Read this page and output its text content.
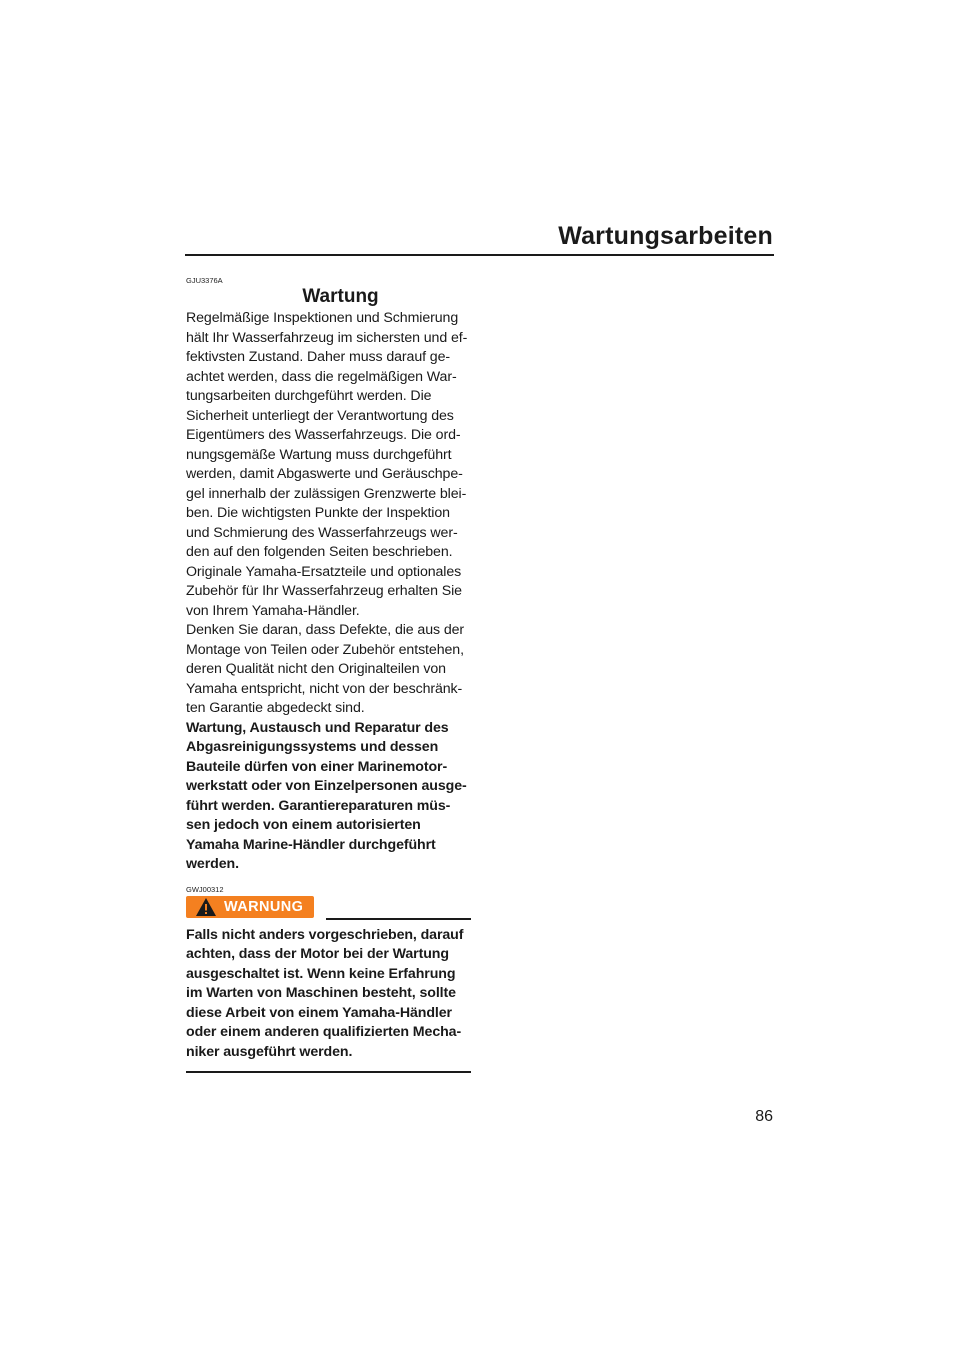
Wartungsarbeiten
GJU3376A
Wartung

Regelmäßige Inspektionen und Schmierung
hält Ihr Wasserfahrzeug im sichersten und ef-
fektivsten Zustand. Daher muss darauf ge-
achtet werden, dass die regelmäßigen War-
tungsarbeiten durchgeführt werden. Die
Sicherheit unterliegt der Verantwortung des
Eigentümers des Wasserfahrzeugs. Die ord-
nungsgemäße Wartung muss durchgeführt
werden, damit Abgaswerte und Geräuschpe-
gel innerhalb der zulässigen Grenzwerte blei-
ben. Die wichtigsten Punkte der Inspektion
und Schmierung des Wasserfahrzeugs wer-
den auf den folgenden Seiten beschrieben.

Originale Yamaha-Ersatzteile und optionales
Zubehör für Ihr Wasserfahrzeug erhalten Sie
von Ihrem Yamaha-Händler.

Denken Sie daran, dass Defekte, die aus der
Montage von Teilen oder Zubehör entstehen,
deren Qualität nicht den Originalteilen von
Yamaha entspricht, nicht von der beschränk-
ten Garantie abgedeckt sind.

Wartung, Austausch und Reparatur des
Abgasreinigungssystems und dessen
Bauteile dürfen von einer Marinemotor-
werkstatt oder von Einzelpersonen ausge-
führt werden. Garantiereparaturen müs-
sen jedoch von einem autorisierten
Yamaha Marine-Händler durchgeführt
werden.

GWJ00312
WARNUNG

Falls nicht anders vorgeschrieben, darauf
achten, dass der Motor bei der Wartung
ausgeschaltet ist. Wenn keine Erfahrung
im Warten von Maschinen besteht, sollte
diese Arbeit von einem Yamaha-Händler
oder einem anderen qualifizierten Mecha-
niker ausgeführt werden.

86
